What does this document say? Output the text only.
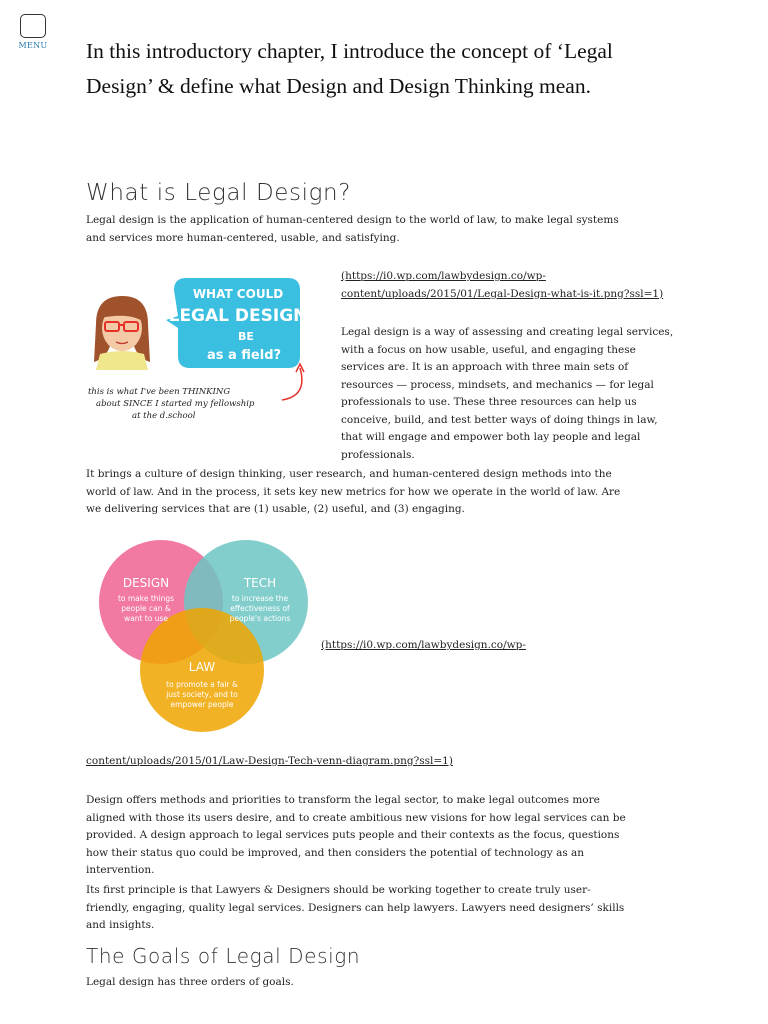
MENU In this introductory chapter, I introduce the concept of ‘Legal Design’ & define what Design and Design Thinking mean.

What is Legal Design?

Legal design is the application of human-centered design to the world of law, to make legal systems and services more human-centered, usable, and satisfying.

WHAT COULD
LEGAL DESIGN
BE
as a field?
this is what I've been THINKING
about SINCE I started my fellowship
at the d.school

(https://i0.wp.com/lawbydesign.co/wp-content/uploads/2015/01/Legal-Design-what-is-it.png?ssl=1)

Legal design is a way of assessing and creating legal services, with a focus on how usable, useful, and engaging these services are. It is an approach with three main sets of resources — process, mindsets, and mechanics — for legal professionals to use. These three resources can help us conceive, build, and test better ways of doing things in law, that will engage and empower both lay people and legal professionals.

It brings a culture of design thinking, user research, and human-centered design methods into the world of law. And in the process, it sets key new metrics for how we operate in the world of law. Are we delivering services that are (1) usable, (2) useful, and (3) engaging.

DESIGN
to make things
people can &
want to use
TECH
to increase the
effectiveness of
people's actions
LAW
to promote a fair &
just society, and to
empower people

(https://i0.wp.com/lawbydesign.co/wp-

content/uploads/2015/01/Law-Design-Tech-venn-diagram.png?ssl=1)

Design offers methods and priorities to transform the legal sector, to make legal outcomes more aligned with those its users desire, and to create ambitious new visions for how legal services can be provided. A design approach to legal services puts people and their contexts as the focus, questions how their status quo could be improved, and then considers the potential of technology as an intervention.

Its first principle is that Lawyers & Designers should be working together to create truly user-friendly, engaging, quality legal services. Designers can help lawyers. Lawyers need designers’ skills and insights.

The Goals of Legal Design

Legal design has three orders of goals.
